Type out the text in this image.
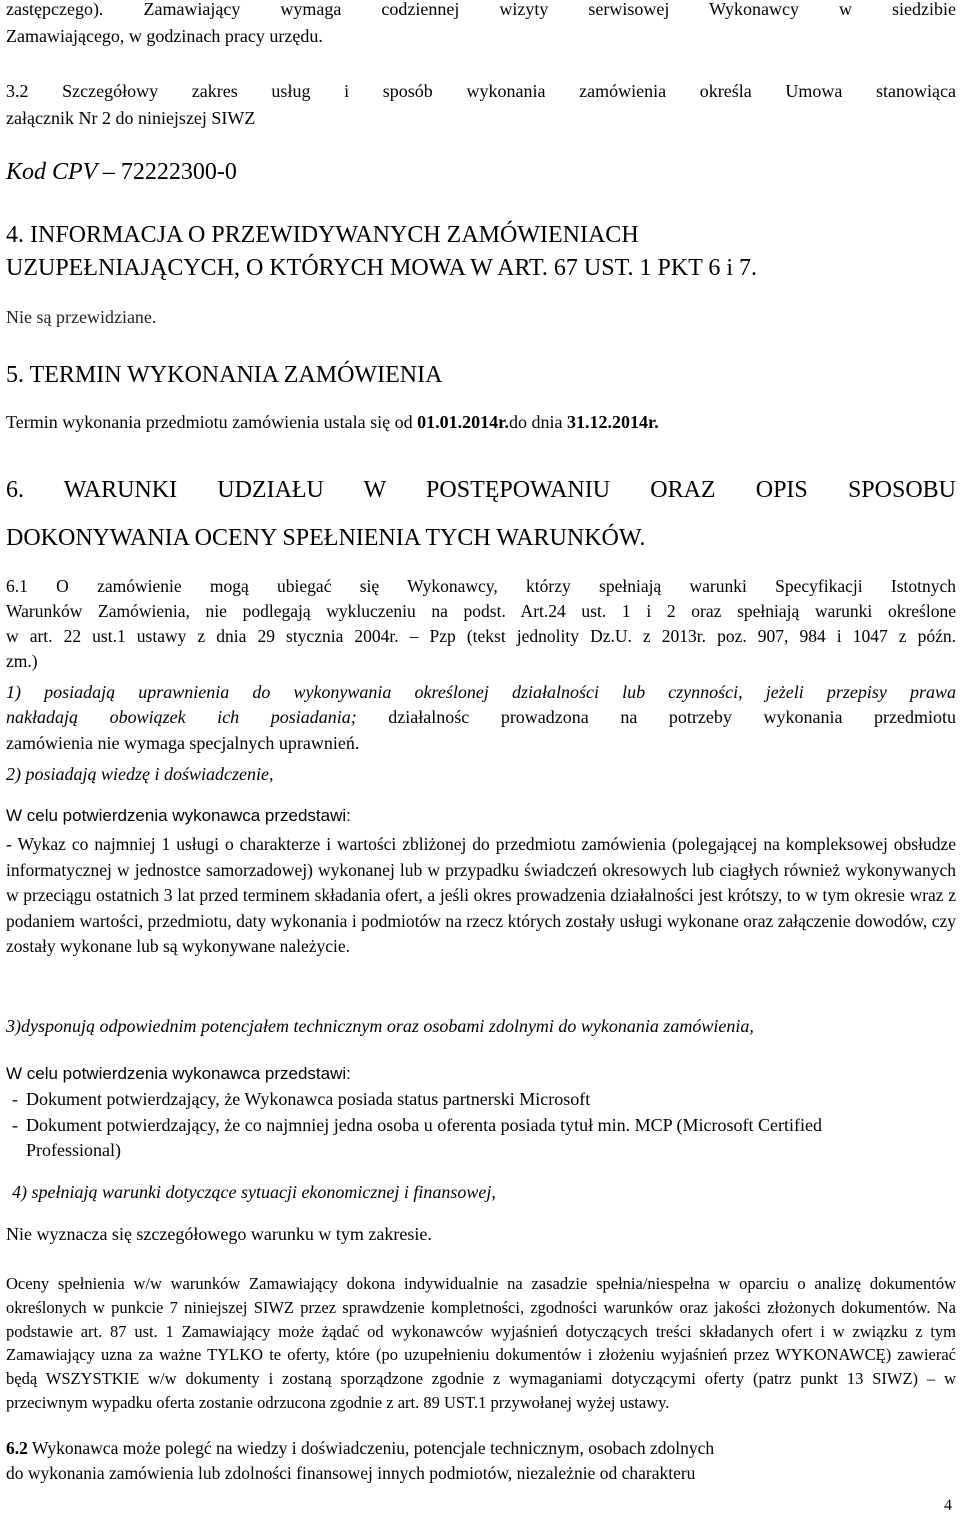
zastępczego). Zamawiający wymaga codziennej wizyty serwisowej Wykonawcy w siedzibie

Zamawiającego, w godzinach pracy urzędu.

3.2 Szczegółowy zakres usług i sposób wykonania zamówienia określa Umowa stanowiąca

załącznik Nr 2 do niniejszej SIWZ

Kod CPV – 72222300-0

4. INFORMACJA O PRZEWIDYWANYCH ZAMÓWIENIACH

UZUPEŁNIAJĄCYCH, O KTÓRYCH MOWA W ART. 67 UST. 1 PKT 6 i 7.

Nie są przewidziane.

5. TERMIN WYKONANIA ZAMÓWIENIA

Termin wykonania przedmiotu zamówienia ustala się od 01.01.2014r.do dnia 31.12.2014r.

6. WARUNKI UDZIAŁU W POSTĘPOWANIU ORAZ OPIS SPOSOBU

DOKONYWANIA OCENY SPEŁNIENIA TYCH WARUNKÓW.

6.1 O zamówienie mogą ubiegać się Wykonawcy, którzy spełniają warunki Specyfikacji Istotnych

Warunków Zamówienia, nie podlegają wykluczeniu na podst. Art.24 ust. 1 i 2 oraz spełniają warunki określone

w art. 22 ust.1 ustawy z dnia 29 stycznia 2004r. – Pzp (tekst jednolity Dz.U. z 2013r. poz. 907, 984 i 1047 z późn.

zm.)

1) posiadają uprawnienia do wykonywania określonej działalności lub czynności, jeżeli przepisy prawa

nakładają obowiązek ich posiadania; działalnośc prowadzona na potrzeby wykonania przedmiotu

zamówienia nie wymaga specjalnych uprawnień.

2) posiadają wiedzę i doświadczenie,

W celu potwierdzenia wykonawca przedstawi:

- Wykaz co najmniej 1 usługi o charakterze i wartości zbliżonej do przedmiotu zamówienia (polegającej na kompleksowej obsłudze informatycznej w jednostce samorzadowej) wykonanej lub w przypadku świadczeń okresowych lub ciagłych również wykonywanych w przeciągu ostatnich 3 lat przed terminem składania ofert, a jeśli okres prowadzenia działalności jest krótszy, to w tym okresie wraz z podaniem wartości, przedmiotu, daty wykonania i podmiotów na rzecz których zostały usługi wykonane oraz załączenie dowodów, czy zostały wykonane lub są wykonywane należycie.

3)dysponują odpowiednim potencjałem technicznym oraz osobami zdolnymi do wykonania zamówienia,

W celu potwierdzenia wykonawca przedstawi:

- Dokument potwierdzający, że Wykonawca posiada status partnerski Microsoft
- Dokument potwierdzający, że co najmniej jedna osoba u oferenta posiada tytuł min. MCP (Microsoft Certified Professional)

4) spełniają warunki dotyczące sytuacji ekonomicznej i finansowej,

Nie wyznacza się szczegółowego warunku w tym zakresie.

Oceny spełnienia w/w warunków Zamawiający dokona indywidualnie na zasadzie spełnia/niespełna w oparciu o analizę dokumentów określonych w punkcie 7 niniejszej SIWZ przez sprawdzenie kompletności, zgodności warunków oraz jakości złożonych dokumentów. Na podstawie art. 87 ust. 1 Zamawiający może żądać od wykonawców wyjaśnień dotyczących treści składanych ofert i w związku z tym Zamawiający uzna za ważne TYLKO te oferty, które (po uzupełnieniu dokumentów i złożeniu wyjaśnień przez WYKONAWCĘ) zawierać będą WSZYSTKIE w/w dokumenty i zostaną sporządzone zgodnie z wymaganiami dotyczącymi oferty (patrz punkt 13 SIWZ) – w przeciwnym wypadku oferta zostanie odrzucona zgodnie z art. 89 UST.1 przywołanej wyżej ustawy.

6.2 Wykonawca może polegć na wiedzy i doświadczeniu, potencjale technicznym, osobach zdolnych

do wykonania zamówienia lub zdolności finansowej innych podmiotów, niezależnie od charakteru

4
